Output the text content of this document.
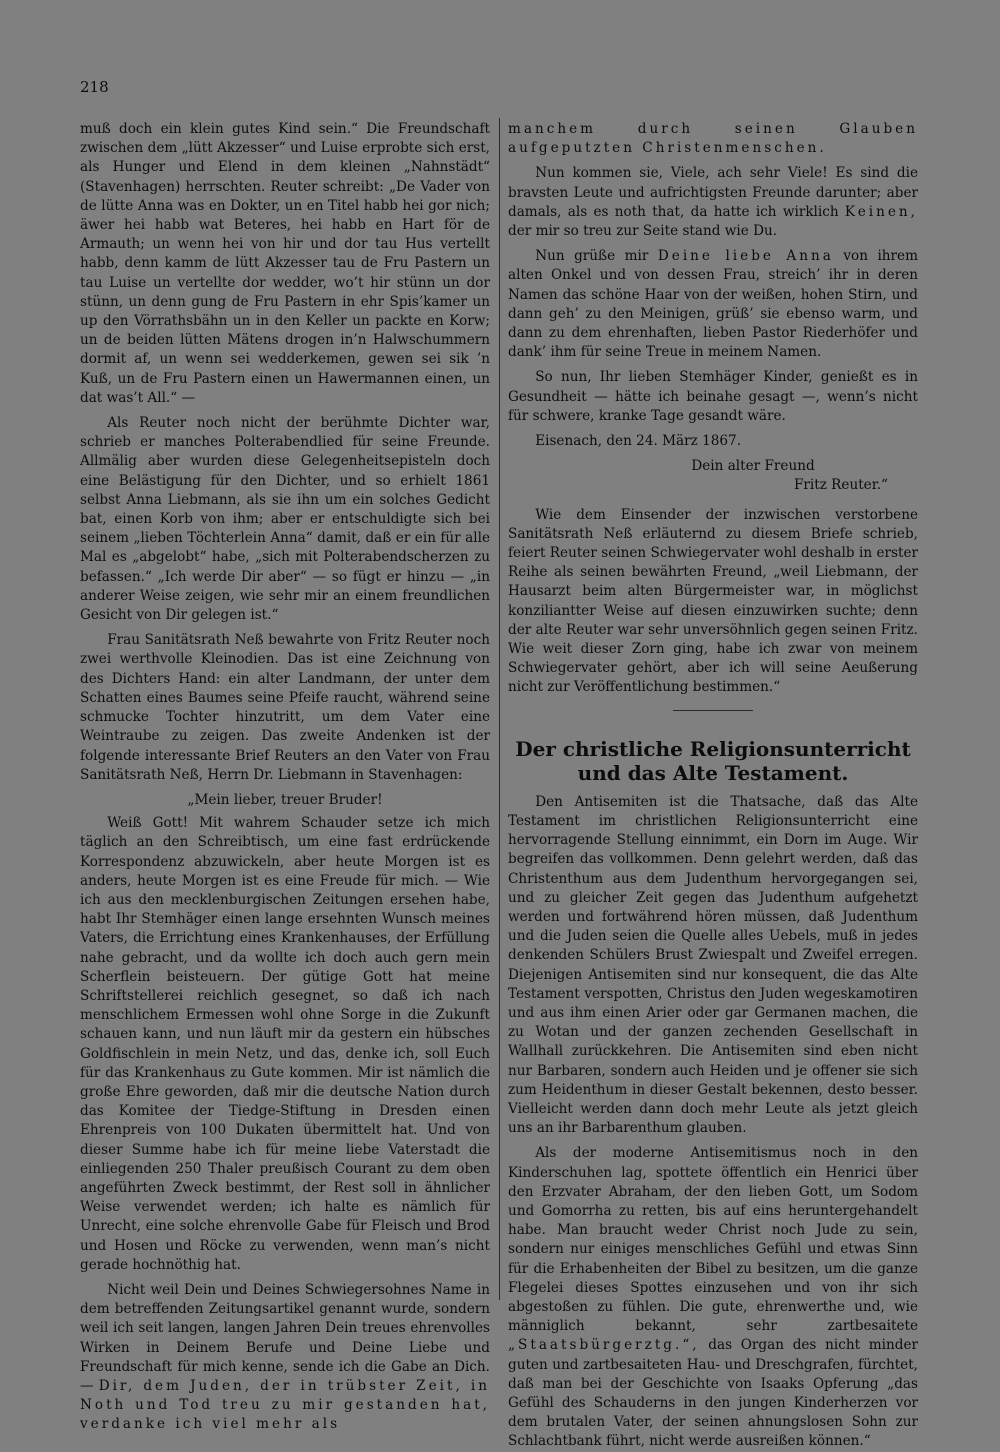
218

muß doch ein klein gutes Kind sein.“ Die Freundschaft zwischen dem „lütt Akzesser“ und Luise erprobte sich erst, als Hunger und Elend in dem kleinen „Nahnstädt“ (Stavenhagen) herrschten. Reuter schreibt: „De Vader von de lütte Anna was en Dokter, un en Titel habb hei gor nich; äwer hei habb wat Beteres, hei habb en Hart för de Armauth; un wenn hei von hir und dor tau Hus vertellt habb, denn kamm de lütt Akzesser tau de Fru Pastern un tau Luise un vertellte dor wedder, wo’t hir stünn un dor stünn, un denn gung de Fru Pastern in ehr Spis’kamer un up den Vörrathsbähn un in den Keller un packte en Korw; un de beiden lütten Mätens drogen in’n Halwschummern dormit af, un wenn sei wedderkemen, gewen sei sik ’n Kuß, un de Fru Pastern einen un Hawermannen einen, un dat was’t All.“ —

Als Reuter noch nicht der berühmte Dichter war, schrieb er manches Polterabendlied für seine Freunde. Allmälig aber wurden diese Gelegenheitsepisteln doch eine Belästigung für den Dichter, und so erhielt 1861 selbst Anna Liebmann, als sie ihn um ein solches Gedicht bat, einen Korb von ihm; aber er entschuldigte sich bei seinem „lieben Töchterlein Anna“ damit, daß er ein für alle Mal es „abgelobt“ habe, „sich mit Polterabendscherzen zu befassen.“ „Ich werde Dir aber“ — so fügt er hinzu — „in anderer Weise zeigen, wie sehr mir an einem freundlichen Gesicht von Dir gelegen ist.“

Frau Sanitätsrath Neß bewahrte von Fritz Reuter noch zwei werthvolle Kleinodien. Das ist eine Zeichnung von des Dichters Hand: ein alter Landmann, der unter dem Schatten eines Baumes seine Pfeife raucht, während seine schmucke Tochter hinzutritt, um dem Vater eine Weintraube zu zeigen. Das zweite Andenken ist der folgende interessante Brief Reuters an den Vater von Frau Sanitätsrath Neß, Herrn Dr. Liebmann in Stavenhagen:

„Mein lieber, treuer Bruder!

Weiß Gott! Mit wahrem Schauder setze ich mich täglich an den Schreibtisch, um eine fast erdrückende Korrespondenz abzuwickeln, aber heute Morgen ist es anders, heute Morgen ist es eine Freude für mich. — Wie ich aus den mecklenburgischen Zeitungen ersehen habe, habt Ihr Stemhäger einen lange ersehnten Wunsch meines Vaters, die Errichtung eines Krankenhauses, der Erfüllung nahe gebracht, und da wollte ich doch auch gern mein Scherflein beisteuern. Der gütige Gott hat meine Schriftstellerei reichlich gesegnet, so daß ich nach menschlichem Ermessen wohl ohne Sorge in die Zukunft schauen kann, und nun läuft mir da gestern ein hübsches Goldfischlein in mein Netz, und das, denke ich, soll Euch für das Krankenhaus zu Gute kommen. Mir ist nämlich die große Ehre geworden, daß mir die deutsche Nation durch das Komitee der Tiedge-Stiftung in Dresden einen Ehrenpreis von 100 Dukaten übermittelt hat. Und von dieser Summe habe ich für meine liebe Vaterstadt die einliegenden 250 Thaler preußisch Courant zu dem oben angeführten Zweck bestimmt, der Rest soll in ähnlicher Weise verwendet werden; ich halte es nämlich für Unrecht, eine solche ehrenvolle Gabe für Fleisch und Brod und Hosen und Röcke zu verwenden, wenn man’s nicht gerade hochnöthig hat.

Nicht weil Dein und Deines Schwiegersohnes Name in dem betreffenden Zeitungsartikel genannt wurde, sondern weil ich seit langen, langen Jahren Dein treues ehrenvolles Wirken in Deinem Berufe und Deine Liebe und Freundschaft für mich kenne, sende ich die Gabe an Dich. — Dir, dem Juden, der in trübster Zeit, in Noth und Tod treu zu mir gestanden hat, verdanke ich viel mehr als

manchem durch seinen Glauben aufgeputzten Christenmenschen.

Nun kommen sie, Viele, ach sehr Viele! Es sind die bravsten Leute und aufrichtigsten Freunde darunter; aber damals, als es noth that, da hatte ich wirklich Keinen, der mir so treu zur Seite stand wie Du.

Nun grüße mir Deine liebe Anna von ihrem alten Onkel und von dessen Frau, streich’ ihr in deren Namen das schöne Haar von der weißen, hohen Stirn, und dann geh’ zu den Meinigen, grüß’ sie ebenso warm, und dann zu dem ehrenhaften, lieben Pastor Riederhöfer und dank’ ihm für seine Treue in meinem Namen.

So nun, Ihr lieben Stemhäger Kinder, genießt es in Gesundheit — hätte ich beinahe gesagt —, wenn’s nicht für schwere, kranke Tage gesandt wäre.

Eisenach, den 24. März 1867.

Dein alter Freund

Fritz Reuter.“

Wie dem Einsender der inzwischen verstorbene Sanitätsrath Neß erläuternd zu diesem Briefe schrieb, feiert Reuter seinen Schwiegervater wohl deshalb in erster Reihe als seinen bewährten Freund, „weil Liebmann, der Hausarzt beim alten Bürgermeister war, in möglichst konziliantter Weise auf diesen einzuwirken suchte; denn der alte Reuter war sehr unversöhnlich gegen seinen Fritz. Wie weit dieser Zorn ging, habe ich zwar von meinem Schwiegervater gehört, aber ich will seine Aeußerung nicht zur Veröffentlichung bestimmen.“

Der christliche Religionsunterricht und das Alte Testament.

Den Antisemiten ist die Thatsache, daß das Alte Testament im christlichen Religionsunterricht eine hervorragende Stellung einnimmt, ein Dorn im Auge. Wir begreifen das vollkommen. Denn gelehrt werden, daß das Christenthum aus dem Judenthum hervorgegangen sei, und zu gleicher Zeit gegen das Judenthum aufgehetzt werden und fortwährend hören müssen, daß Judenthum und die Juden seien die Quelle alles Uebels, muß in jedes denkenden Schülers Brust Zwiespalt und Zweifel erregen. Diejenigen Antisemiten sind nur konsequent, die das Alte Testament verspotten, Christus den Juden wegeskamotiren und aus ihm einen Arier oder gar Germanen machen, die zu Wotan und der ganzen zechenden Gesellschaft in Wallhall zurückkehren. Die Antisemiten sind eben nicht nur Barbaren, sondern auch Heiden und je offener sie sich zum Heidenthum in dieser Gestalt bekennen, desto besser. Vielleicht werden dann doch mehr Leute als jetzt gleich uns an ihr Barbarenthum glauben.

Als der moderne Antisemitismus noch in den Kinderschuhen lag, spottete öffentlich ein Henrici über den Erzvater Abraham, der den lieben Gott, um Sodom und Gomorrha zu retten, bis auf eins heruntergehandelt habe. Man braucht weder Christ noch Jude zu sein, sondern nur einiges menschliches Gefühl und etwas Sinn für die Erhabenheiten der Bibel zu besitzen, um die ganze Flegelei dieses Spottes einzusehen und von ihr sich abgestoßen zu fühlen. Die gute, ehrenwerthe und, wie männiglich bekannt, sehr zartbesaitete „Staatsbürgerztg.“, das Organ des nicht minder guten und zartbesaiteten Hau- und Dreschgrafen, fürchtet, daß man bei der Geschichte von Isaaks Opferung „das Gefühl des Schauderns in den jungen Kinderherzen vor dem brutalen Vater, der seinen ahnungslosen Sohn zur Schlachtbank führt, nicht werde ausreißen können.“
